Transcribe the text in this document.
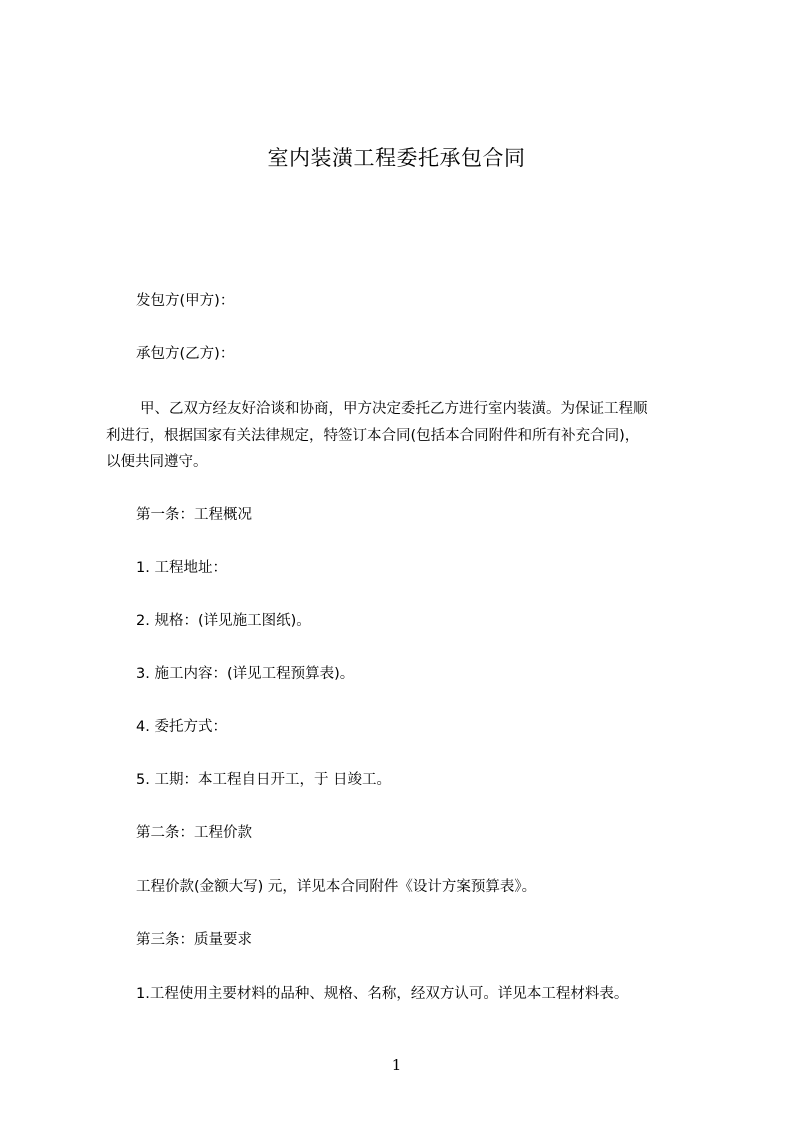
室内装潢工程委托承包合同
发包方(甲方)：
承包方(乙方)：
甲、乙双方经友好洽谈和协商，甲方决定委托乙方进行室内装潢。为保证工程顺
利进行，根据国家有关法律规定，特签订本合同(包括本合同附件和所有补充合同)，
以便共同遵守。
第一条：工程概况
1. 工程地址：
2. 规格：(详见施工图纸)。
3. 施工内容：(详见工程预算表)。
4. 委托方式：
5. 工期：本工程自日开工，于 日竣工。
第二条：工程价款
工程价款(金额大写) 元，详见本合同附件《设计方案预算表》。
第三条：质量要求
1.工程使用主要材料的品种、规格、名称，经双方认可。详见本工程材料表。
1
